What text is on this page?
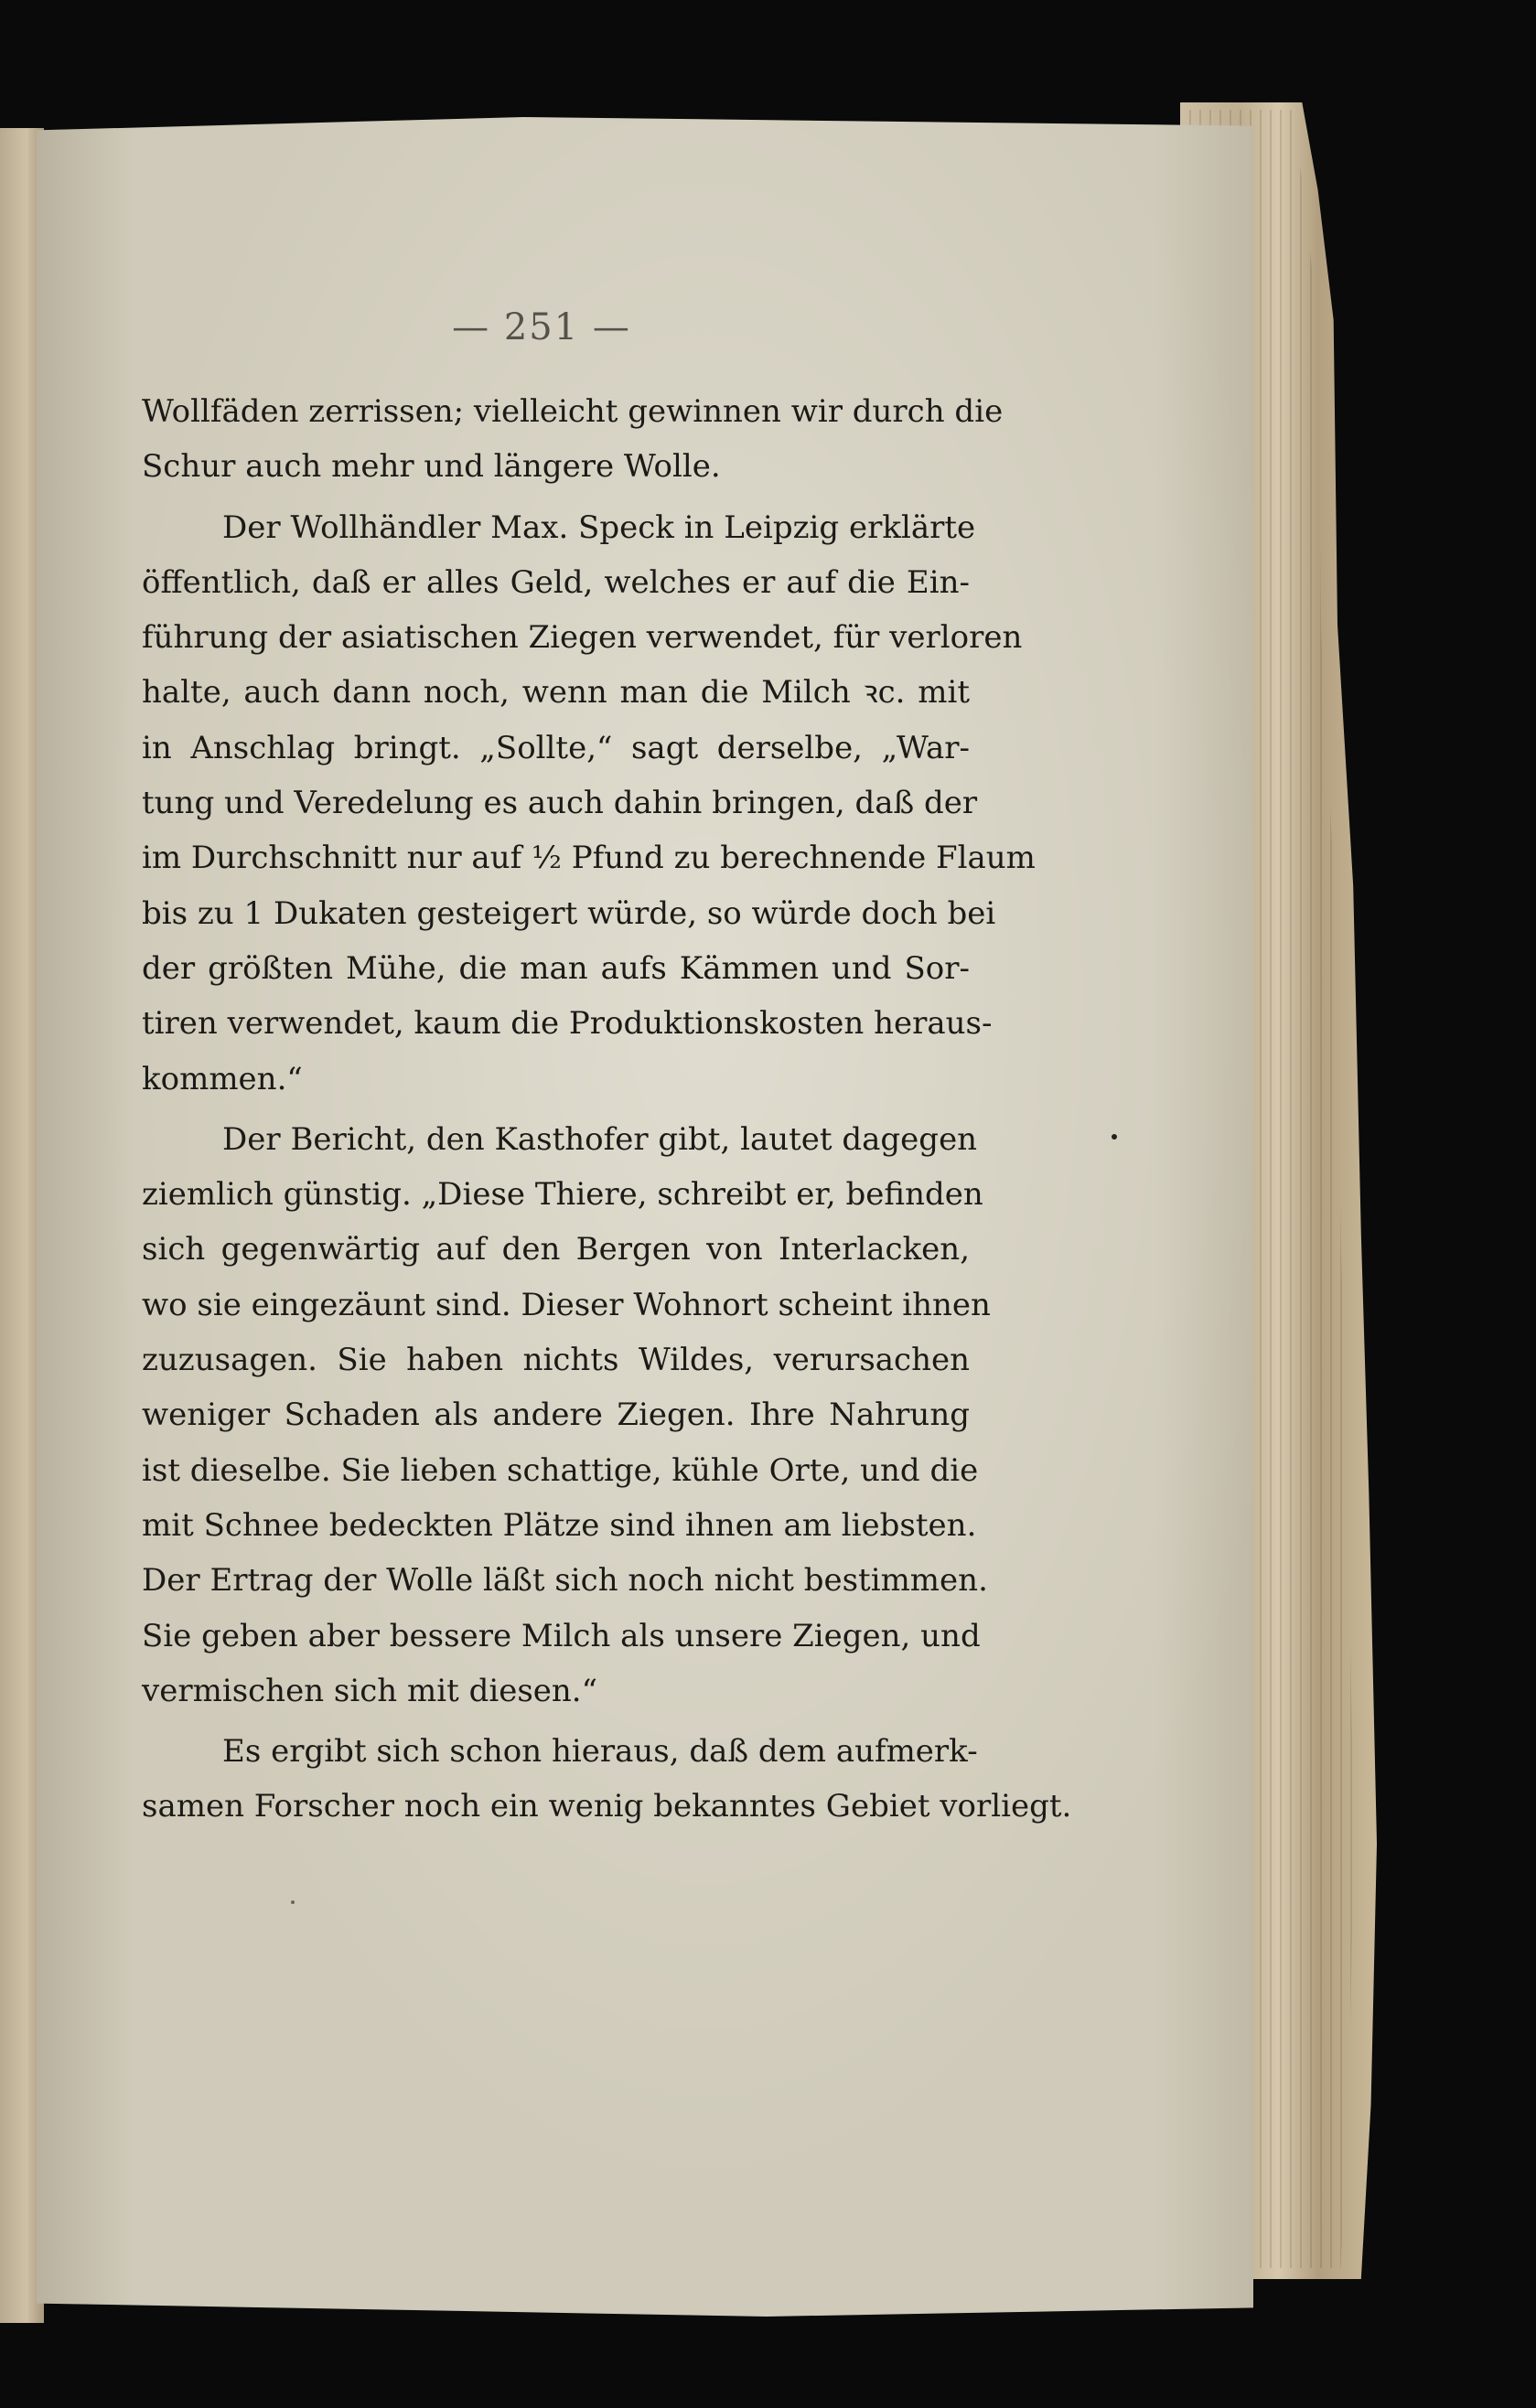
— 251 —
Wollfäden zerrissen; vielleicht gewinnen wir durch die
Schur auch mehr und längere Wolle.
Der Wollhändler Max. Speck in Leipzig erklärte
öffentlich, daß er alles Geld, welches er auf die Ein-
führung der asiatischen Ziegen verwendet, für verloren
halte, auch dann noch, wenn man die Milch ꝛc. mit
in Anschlag bringt. „Sollte,“ sagt derselbe, „War-
tung und Veredelung es auch dahin bringen, daß der
im Durchschnitt nur auf ½ Pfund zu berechnende Flaum
bis zu 1 Dukaten gesteigert würde, so würde doch bei
der größten Mühe, die man aufs Kämmen und Sor-
tiren verwendet, kaum die Produktionskosten heraus-
kommen.“
Der Bericht, den Kasthofer gibt, lautet dagegen
ziemlich günstig. „Diese Thiere, schreibt er, befinden
sich gegenwärtig auf den Bergen von Interlacken,
wo sie eingezäunt sind. Dieser Wohnort scheint ihnen
zuzusagen. Sie haben nichts Wildes, verursachen
weniger Schaden als andere Ziegen. Ihre Nahrung
ist dieselbe. Sie lieben schattige, kühle Orte, und die
mit Schnee bedeckten Plätze sind ihnen am liebsten.
Der Ertrag der Wolle läßt sich noch nicht bestimmen.
Sie geben aber bessere Milch als unsere Ziegen, und
vermischen sich mit diesen.“
Es ergibt sich schon hieraus, daß dem aufmerk-
samen Forscher noch ein wenig bekanntes Gebiet vorliegt.
